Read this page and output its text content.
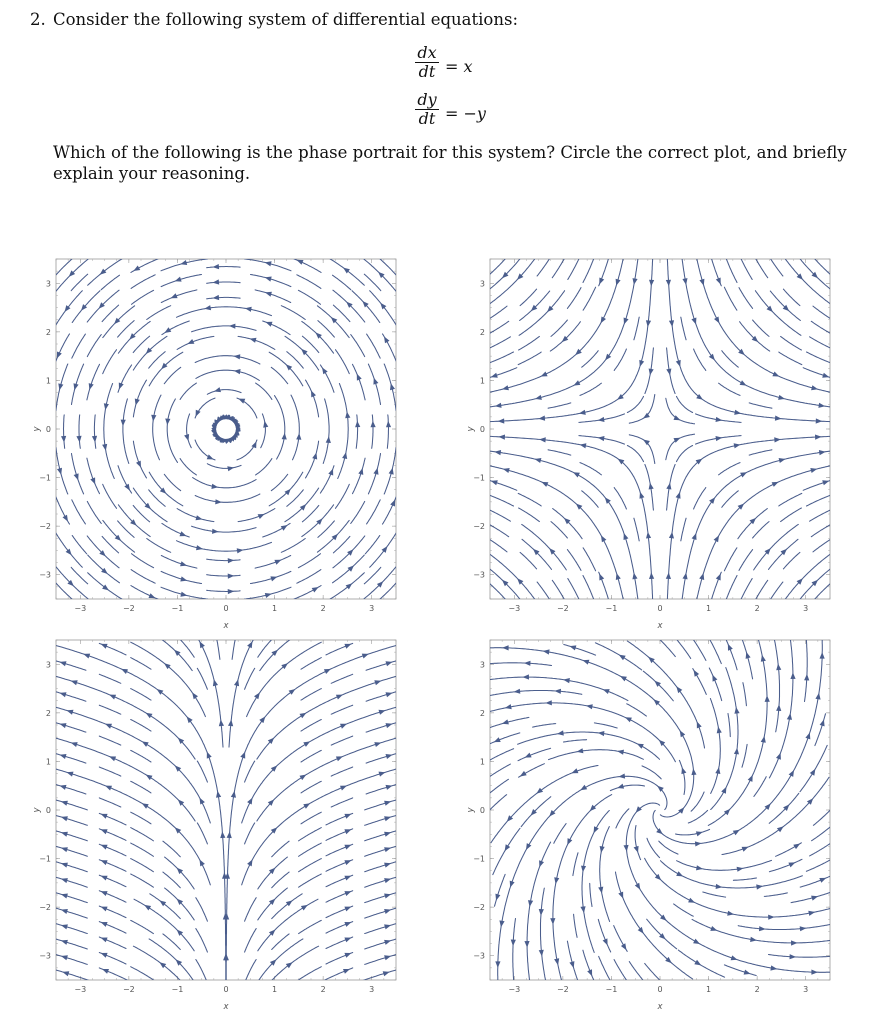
2. Consider the following system of differential equations:
dx
dt = x
dy
dt = −y
Which of the following is the phase portrait for this system? Circle the correct plot, and briefly explain your reasoning.
−3	−2	−1	0	1	2	3
−3
−2
−1
0
1
2
3
x
y
−3	−2	−1	0	1	2	3
−3
−2
−1
0
1
2
3
x
y
−3	−2	−1	0	1	2	3
−3
−2
−1
0
1
2
3
x
y
−3	−2	−1	0	1	2	3
−3
−2
−1
0
1
2
3
x
y
